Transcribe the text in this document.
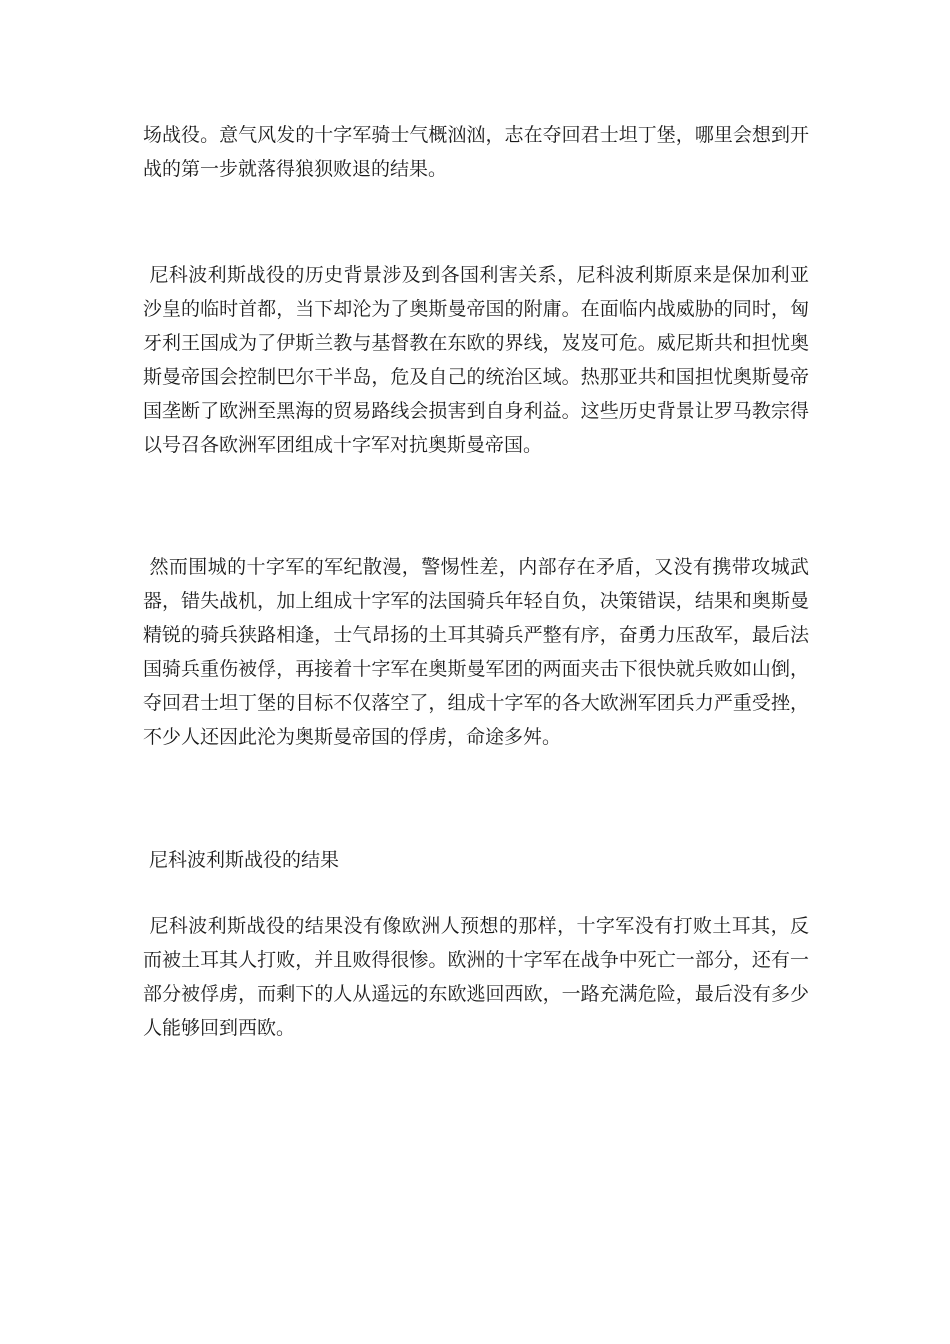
场战役。意气风发的十字军骑士气概汹汹，志在夺回君士坦丁堡，哪里会想到开战的第一步就落得狼狈败退的结果。

尼科波利斯战役的历史背景涉及到各国利害关系，尼科波利斯原来是保加利亚沙皇的临时首都，当下却沦为了奥斯曼帝国的附庸。在面临内战威胁的同时，匈牙利王国成为了伊斯兰教与基督教在东欧的界线，岌岌可危。威尼斯共和担忧奥斯曼帝国会控制巴尔干半岛，危及自己的统治区域。热那亚共和国担忧奥斯曼帝国垄断了欧洲至黑海的贸易路线会损害到自身利益。这些历史背景让罗马教宗得以号召各欧洲军团组成十字军对抗奥斯曼帝国。

然而围城的十字军的军纪散漫，警惕性差，内部存在矛盾，又没有携带攻城武器，错失战机，加上组成十字军的法国骑兵年轻自负，决策错误，结果和奥斯曼精锐的骑兵狭路相逢，士气昂扬的土耳其骑兵严整有序，奋勇力压敌军，最后法国骑兵重伤被俘，再接着十字军在奥斯曼军团的两面夹击下很快就兵败如山倒，夺回君士坦丁堡的目标不仅落空了，组成十字军的各大欧洲军团兵力严重受挫，不少人还因此沦为奥斯曼帝国的俘虏，命途多舛。

尼科波利斯战役的结果

尼科波利斯战役的结果没有像欧洲人预想的那样，十字军没有打败土耳其，反而被土耳其人打败，并且败得很惨。欧洲的十字军在战争中死亡一部分，还有一部分被俘虏，而剩下的人从遥远的东欧逃回西欧，一路充满危险，最后没有多少人能够回到西欧。
